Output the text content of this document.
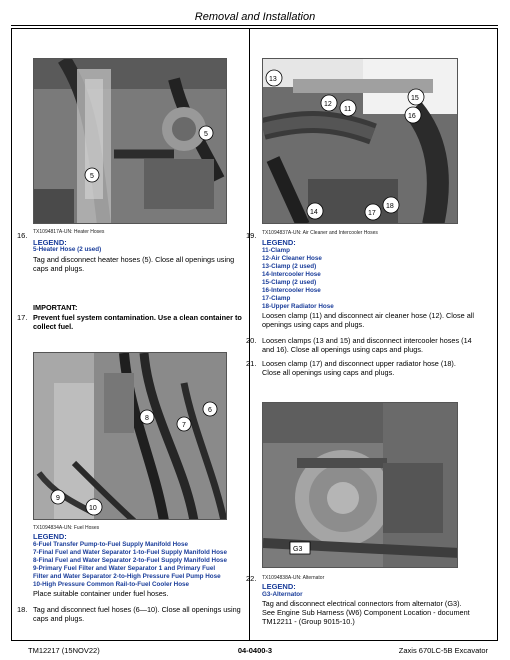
Removal and Installation
5
5
TX1094817A-UN: Heater Hoses
16.
LEGEND:
5-Heater Hose (2 used)
Tag and disconnect heater hoses (5). Close all openings using caps and plugs.
IMPORTANT:
17. Prevent fuel system contamination. Use a clean container to collect fuel.
6
7
8
9
10
TX1094834A-UN: Fuel Hoses
LEGEND:
6-Fuel Transfer Pump-to-Fuel Supply Manifold Hose
7-Final Fuel and Water Separator 1-to-Fuel Supply Manifold Hose
8-Final Fuel and Water Separator 2-to-Fuel Supply Manifold Hose
9-Primary Fuel Filter and Water Separator 1 and Primary Fuel
Filter and Water Separator 2-to-High Pressure Fuel Pump Hose
10-High Pressure Common Rail-to-Fuel Cooler Hose
Place suitable container under fuel hoses.
18. Tag and disconnect fuel hoses (6—10). Close all openings using caps and plugs.
13
12
11
15
16
14	17
18
TX1094837A-UN: Air Cleaner and Intercooler Hoses
19.
LEGEND:
11-Clamp
12-Air Cleaner Hose
13-Clamp (2 used)
14-Intercooler Hose
15-Clamp (2 used)
16-Intercooler Hose
17-Clamp
18-Upper Radiator Hose
Loosen clamp (11) and disconnect air cleaner hose (12). Close all openings using caps and plugs.
20. Loosen clamps (13 and 15) and disconnect intercooler hoses (14 and 16). Close all openings using caps and plugs.
21. Loosen clamp (17) and disconnect upper radiator hose (18). Close all openings using caps and plugs.
G3
TX1094838A-UN: Alternator
22.
LEGEND:
G3-Alternator
Tag and disconnect electrical connectors from alternator (G3). See Engine Sub Harness (W6) Component Location - document TM12211 - (Group 9015-10.)
TM12217 (15NOV22)	04-0400-3	Zaxis 670LC-5B Excavator
